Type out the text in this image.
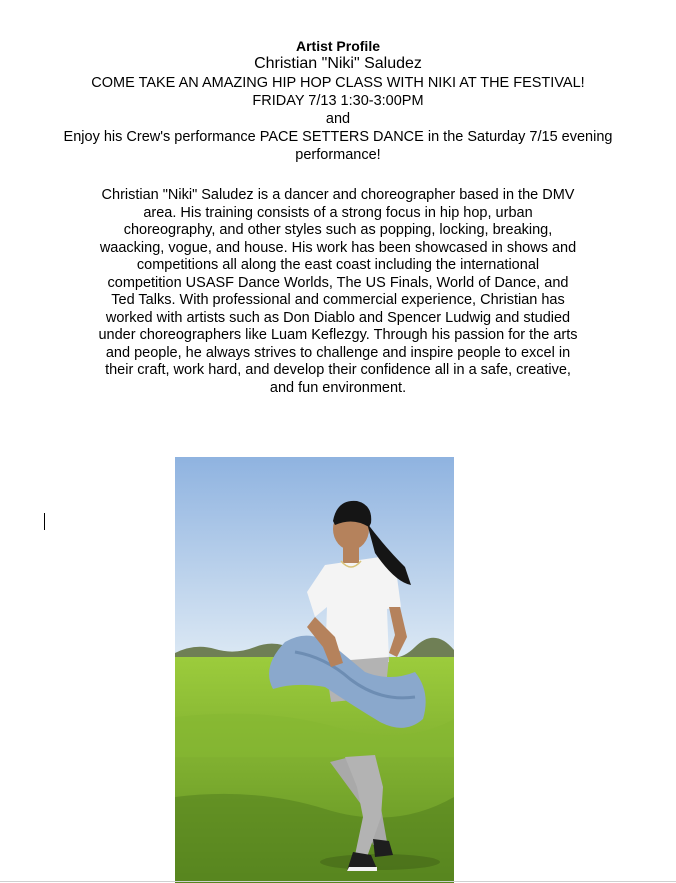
Artist Profile
Christian "Niki" Saludez
COME TAKE AN AMAZING HIP HOP CLASS WITH NIKI AT THE FESTIVAL!
FRIDAY 7/13 1:30-3:00PM
and
Enjoy his Crew's performance PACE SETTERS DANCE in the Saturday 7/15 evening performance!

Christian "Niki" Saludez is a dancer and choreographer based in the DMV area. His training consists of a strong focus in hip hop, urban choreography, and other styles such as popping, locking, breaking, waacking, vogue, and house. His work has been showcased in shows and competitions all along the east coast including the international competition USASF Dance Worlds, The US Finals, World of Dance, and Ted Talks. With professional and commercial experience, Christian has worked with artists such as Don Diablo and Spencer Ludwig and studied under choreographers like Luam Keflezgy. Through his passion for the arts and people, he always strives to challenge and inspire people to excel in their craft, work hard, and develop their confidence all in a safe, creative, and fun environment.
